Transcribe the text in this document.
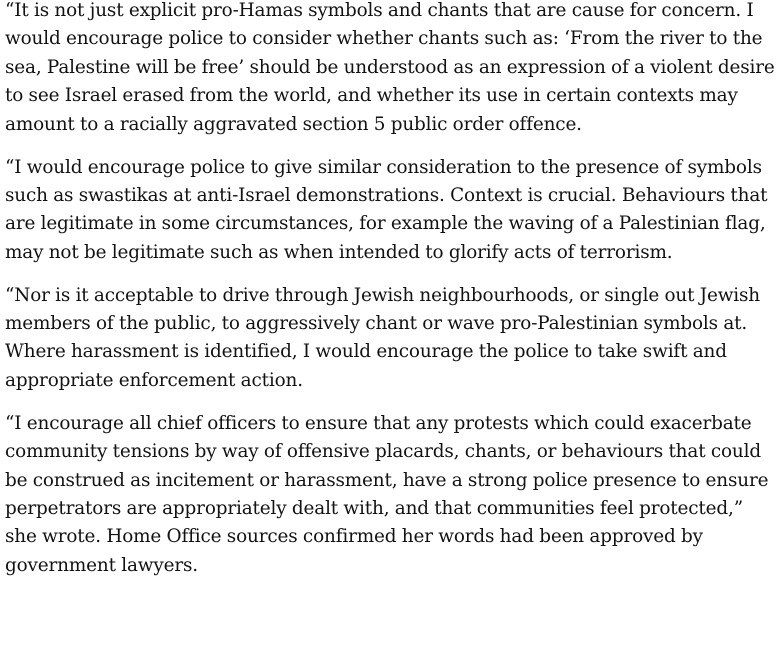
“It is not just explicit pro-Hamas symbols and chants that are cause for concern. I would encourage police to consider whether chants such as: ‘From the river to the sea, Palestine will be free’ should be understood as an expression of a violent desire to see Israel erased from the world, and whether its use in certain contexts may amount to a racially aggravated section 5 public order offence.

“I would encourage police to give similar consideration to the presence of symbols such as swastikas at anti-Israel demonstrations. Context is crucial. Behaviours that are legitimate in some circumstances, for example the waving of a Palestinian flag, may not be legitimate such as when intended to glorify acts of terrorism.

“Nor is it acceptable to drive through Jewish neighbourhoods, or single out Jewish members of the public, to aggressively chant or wave pro-Palestinian symbols at. Where harassment is identified, I would encourage the police to take swift and appropriate enforcement action.

“I encourage all chief officers to ensure that any protests which could exacerbate community tensions by way of offensive placards, chants, or behaviours that could be construed as incitement or harassment, have a strong police presence to ensure perpetrators are appropriately dealt with, and that communities feel protected,” she wrote. Home Office sources confirmed her words had been approved by government lawyers.
